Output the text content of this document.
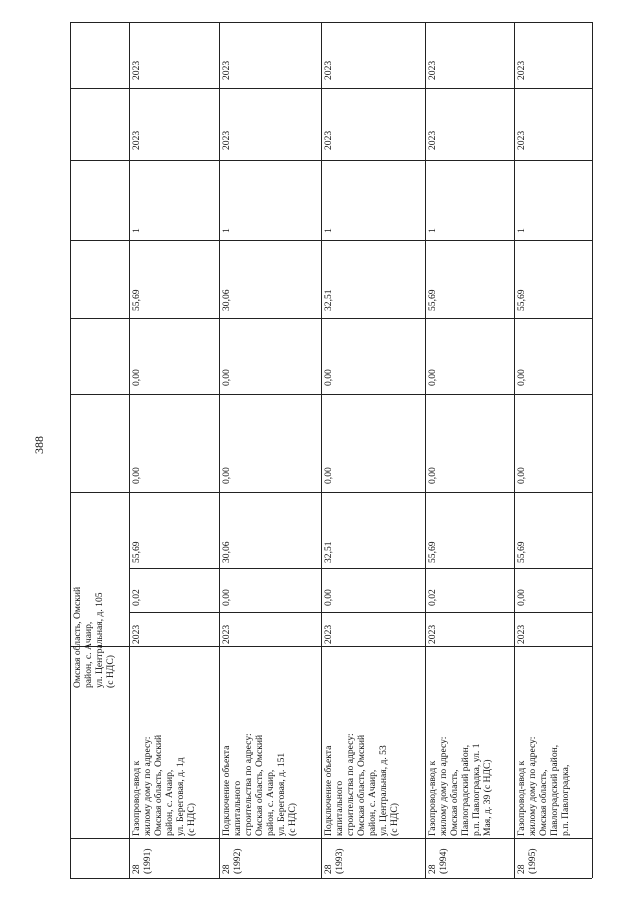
388
Омская область, Омский район, с. Ачаир, ул. Центральная, д. 105 (с НДС)
28 (1991)
Газопровод-ввод к жилому дому по адресу: Омская область, Омский район, с. Ачаир, ул. Береговая, д. 1д (с НДС)
2023
0,02
55,69
0,00
0,00
55,69
1
2023
2023
28 (1992)
Подключение объекта капитального строительства по адресу: Омская область, Омский район, с. Ачаир, ул. Береговая, д. 151 (с НДС)
2023
0,00
30,06
0,00
0,00
30,06
1
2023
2023
28 (1993)
Подключение объекта капитального строительства по адресу: Омская область, Омский район, с. Ачаир, ул. Центральная, д. 53 (с НДС)
2023
0,00
32,51
0,00
0,00
32,51
1
2023
2023
28 (1994)
Газопровод-ввод к жилому дому по адресу: Омская область, Павлоградский район, р.п. Павлоградка, ул. 1 Мая, д. 39 (с НДС)
2023
0,02
55,69
0,00
0,00
55,69
1
2023
2023
28 (1995)
Газопровод-ввод к жилому дому по адресу: Омская область, Павлоградский район, р.п. Павлоградка,
2023
0,00
55,69
0,00
0,00
55,69
1
2023
2023
